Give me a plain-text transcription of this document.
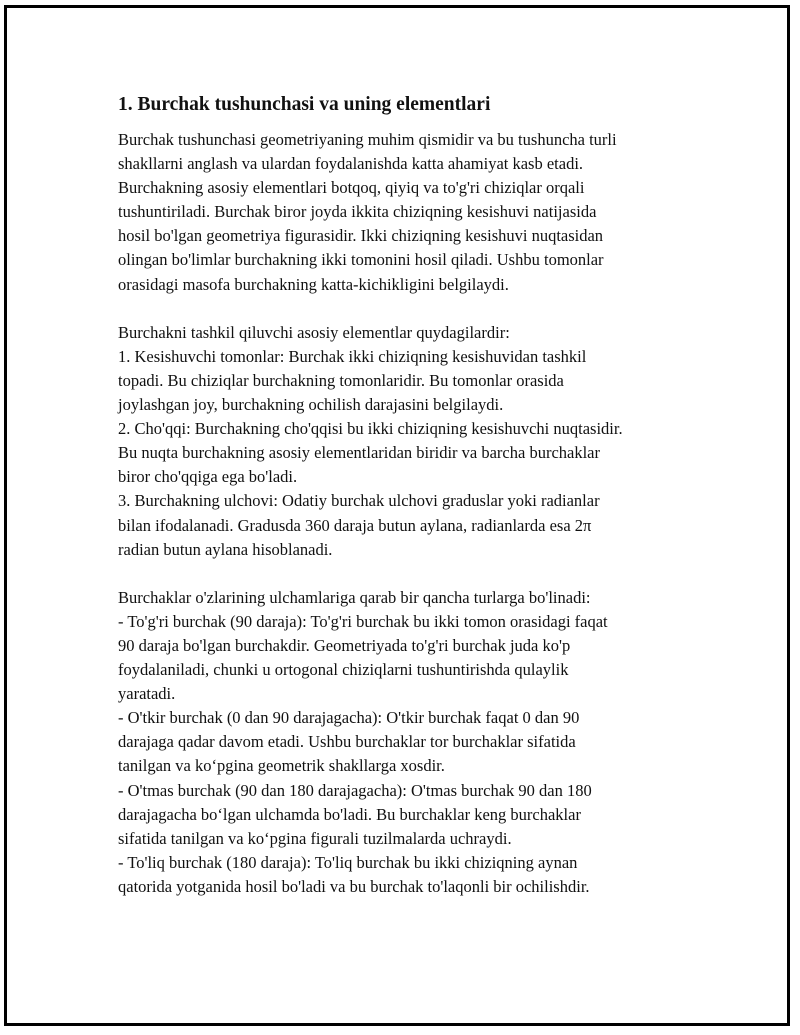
1. Burchak tushunchasi va uning elementlari
Burchak tushunchasi geometriyaning muhim qismidir va bu tushuncha turli
shakllarni anglash va ulardan foydalanishda katta ahamiyat kasb etadi.
Burchakning asosiy elementlari botqoq, qiyiq va to'g'ri chiziqlar orqali
tushuntiriladi. Burchak biror joyda ikkita chiziqning kesishuvi natijasida
hosil bo'lgan geometriya figurasidir. Ikki chiziqning kesishuvi nuqtasidan
olingan bo'limlar burchakning ikki tomonini hosil qiladi. Ushbu tomonlar
orasidagi masofa burchakning katta-kichikligini belgilaydi.
Burchakni tashkil qiluvchi asosiy elementlar quydagilardir:
1. Kesishuvchi tomonlar: Burchak ikki chiziqning kesishuvidan tashkil
topadi. Bu chiziqlar burchakning tomonlaridir. Bu tomonlar orasida
joylashgan joy, burchakning ochilish darajasini belgilaydi.
2. Cho'qqi: Burchakning cho'qqisi bu ikki chiziqning kesishuvchi nuqtasidir.
Bu nuqta burchakning asosiy elementlaridan biridir va barcha burchaklar
biror cho'qqiga ega bo'ladi.
3. Burchakning ulchovi: Odatiy burchak ulchovi graduslar yoki radianlar
bilan ifodalanadi. Gradusda 360 daraja butun aylana, radianlarda esa 2π
radian butun aylana hisoblanadi.
Burchaklar o'zlarining ulchamlariga qarab bir qancha turlarga bo'linadi:
- To'g'ri burchak (90 daraja): To'g'ri burchak bu ikki tomon orasidagi faqat
90 daraja bo'lgan burchakdir. Geometriyada to'g'ri burchak juda ko'p
foydalaniladi, chunki u ortogonal chiziqlarni tushuntirishda qulaylik
yaratadi.
- O'tkir burchak (0 dan 90 darajagacha): O'tkir burchak faqat 0 dan 90
darajaga qadar davom etadi. Ushbu burchaklar tor burchaklar sifatida
tanilgan va koʻpgina geometrik shakllarga xosdir.
- O'tmas burchak (90 dan 180 darajagacha): O'tmas burchak 90 dan 180
darajagacha boʻlgan ulchamda bo'ladi. Bu burchaklar keng burchaklar
sifatida tanilgan va koʻpgina figurali tuzilmalarda uchraydi.
- To'liq burchak (180 daraja): To'liq burchak bu ikki chiziqning aynan
qatorida yotganida hosil bo'ladi va bu burchak to'laqonli bir ochilishdir.
